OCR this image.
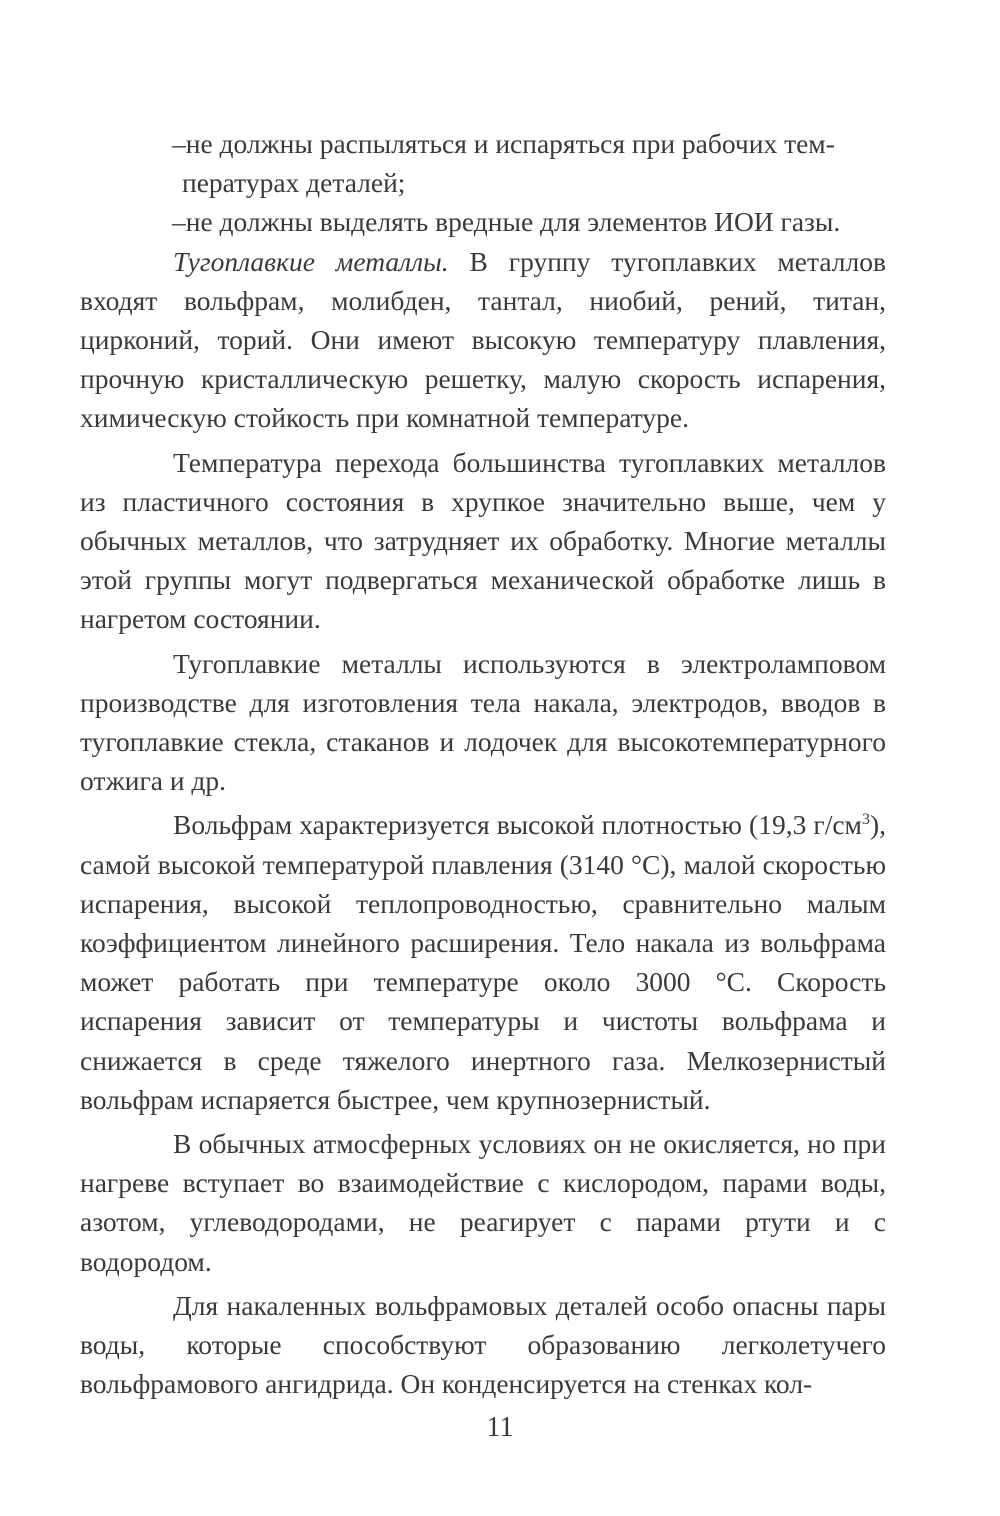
–не должны распыляться и испаряться при рабочих тем-

пературах деталей;

–не должны выделять вредные для элементов ИОИ газы.

Тугоплавкие металлы. В группу тугоплавких металлов входят вольфрам, молибден, тантал, ниобий, рений, титан, цирконий, торий. Они имеют высокую температуру плавления, прочную кристаллическую решетку, малую скорость испарения, химическую стойкость при комнатной температуре.

Температура перехода большинства тугоплавких металлов из пластичного состояния в хрупкое значительно выше, чем у обычных металлов, что затрудняет их обработку. Многие металлы этой группы могут подвергаться механической обработке лишь в нагретом состоянии.

Тугоплавкие металлы используются в электроламповом производстве для изготовления тела накала, электродов, вводов в тугоплавкие стекла, стаканов и лодочек для высокотемпературного отжига и др.

Вольфрам характеризуется высокой плотностью (19,3 $г/см^3$), самой высокой температурой плавления (3140 °С), малой скоростью испарения, высокой теплопроводностью, сравнительно малым коэффициентом линейного расширения. Тело накала из вольфрама может работать при температуре около 3000 °С. Скорость испарения зависит от температуры и чистоты вольфрама и снижается в среде тяжелого инертного газа. Мелкозернистый вольфрам испаряется быстрее, чем крупнозернистый.

В обычных атмосферных условиях он не окисляется, но при нагреве вступает во взаимодействие с кислородом, парами воды, азотом, углеводородами, не реагирует с парами ртути и с водородом.

Для накаленных вольфрамовых деталей особо опасны пары воды, которые способствуют образованию легколетучего вольфрамового ангидрида. Он конденсируется на стенках кол-

11
